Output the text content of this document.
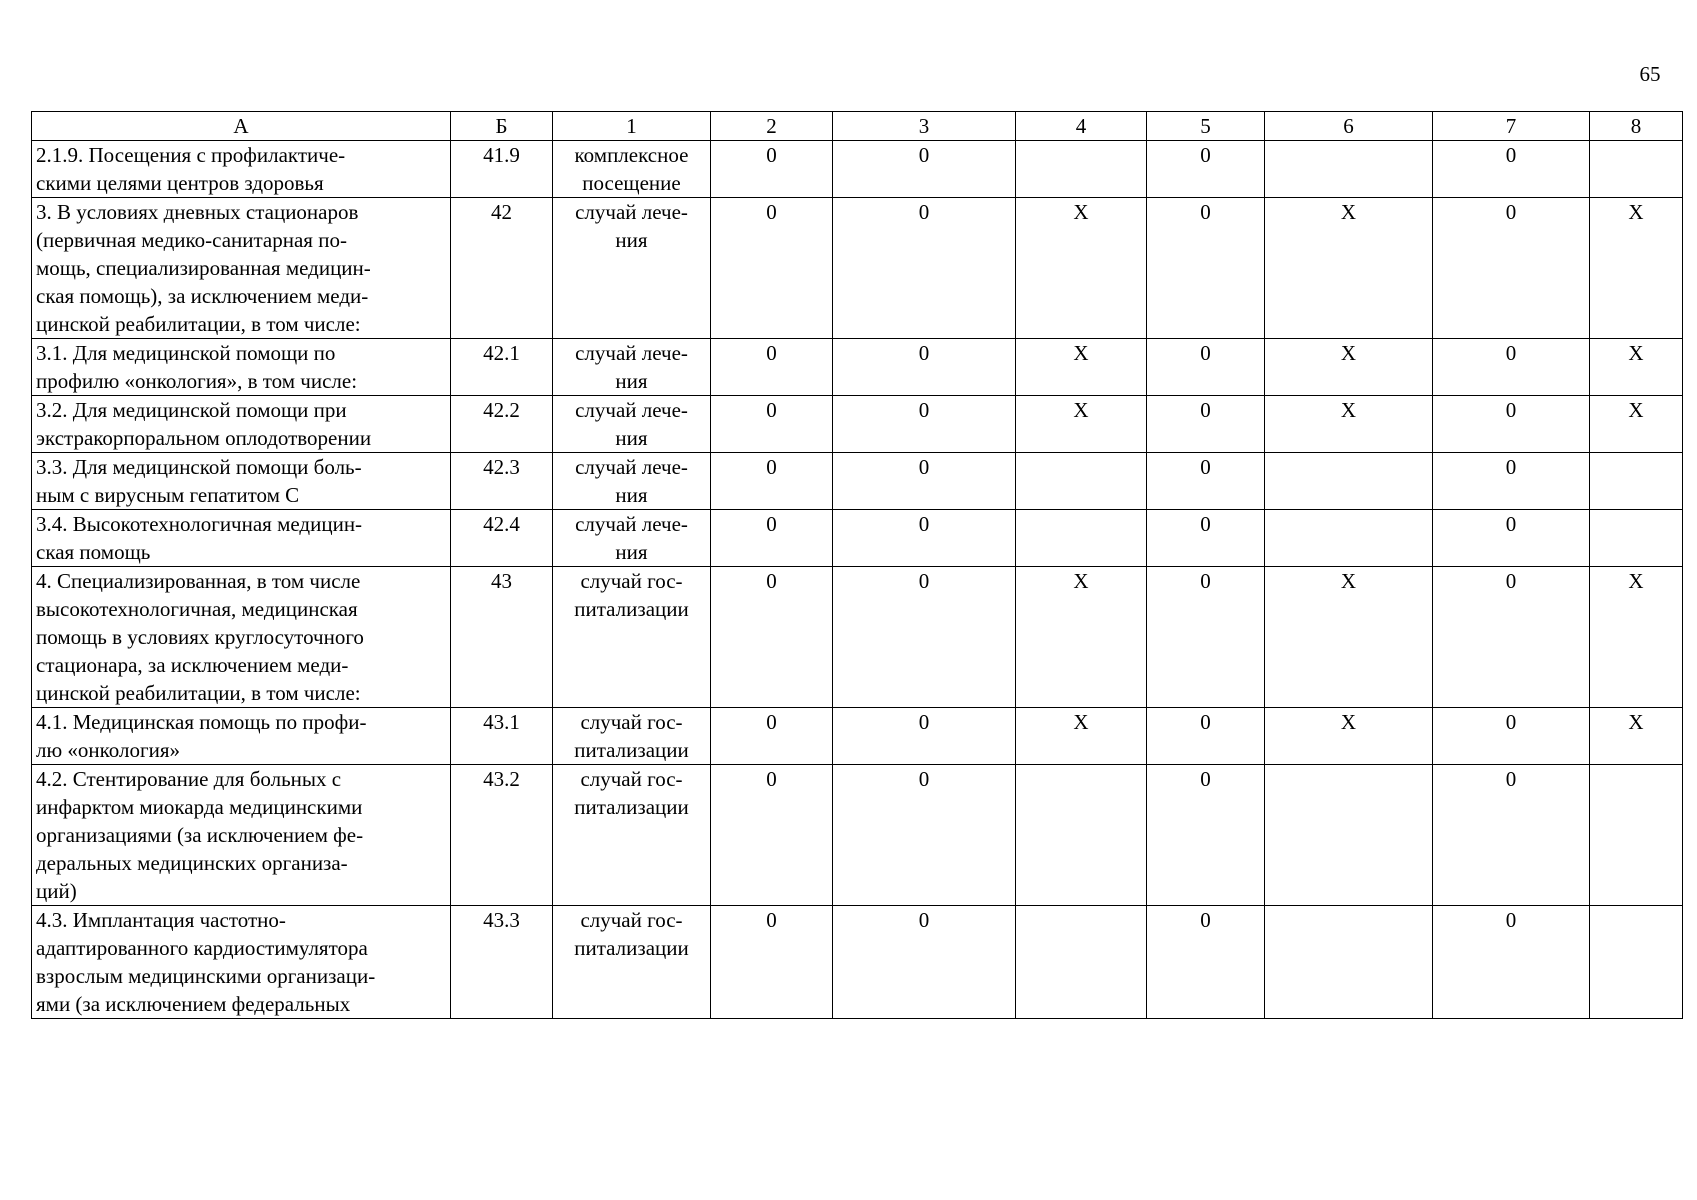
65
А	Б	1	2	3	4	5	6	7	8

2.1.9. Посещения с профилактиче-
скими целями центров здоровья	41.9	комплексное
посещение	0	0		0		0	

3. В условиях дневных стационаров
(первичная медико-санитарная по-
мощь, специализированная медицин-
ская помощь), за исключением меди-
цинской реабилитации, в том числе:	42	случай лече-
ния	0	0	Х	0	Х	0	Х

3.1. Для медицинской помощи по
профилю «онкология», в том числе:	42.1	случай лече-
ния	0	0	Х	0	Х	0	Х

3.2. Для медицинской помощи при
экстракорпоральном оплодотворении	42.2	случай лече-
ния	0	0	Х	0	Х	0	Х

3.3. Для медицинской помощи боль-
ным с вирусным гепатитом С	42.3	случай лече-
ния	0	0		0		0	

3.4. Высокотехнологичная медицин-
ская помощь	42.4	случай лече-
ния	0	0		0		0	

4. Специализированная, в том числе
высокотехнологичная, медицинская
помощь в условиях круглосуточного
стационара, за исключением меди-
цинской реабилитации, в том числе:	43	случай гос-
питализации	0	0	Х	0	Х	0	Х

4.1. Медицинская помощь по профи-
лю «онкология»	43.1	случай гос-
питализации	0	0	Х	0	Х	0	Х

4.2. Стентирование для больных с
инфарктом миокарда медицинскими
организациями (за исключением фе-
деральных медицинских организа-
ций)	43.2	случай гос-
питализации	0	0		0		0	

4.3. Имплантация частотно-
адаптированного кардиостимулятора
взрослым медицинскими организаци-
ями (за исключением федеральных	43.3	случай гос-
питализации	0	0		0		0	
